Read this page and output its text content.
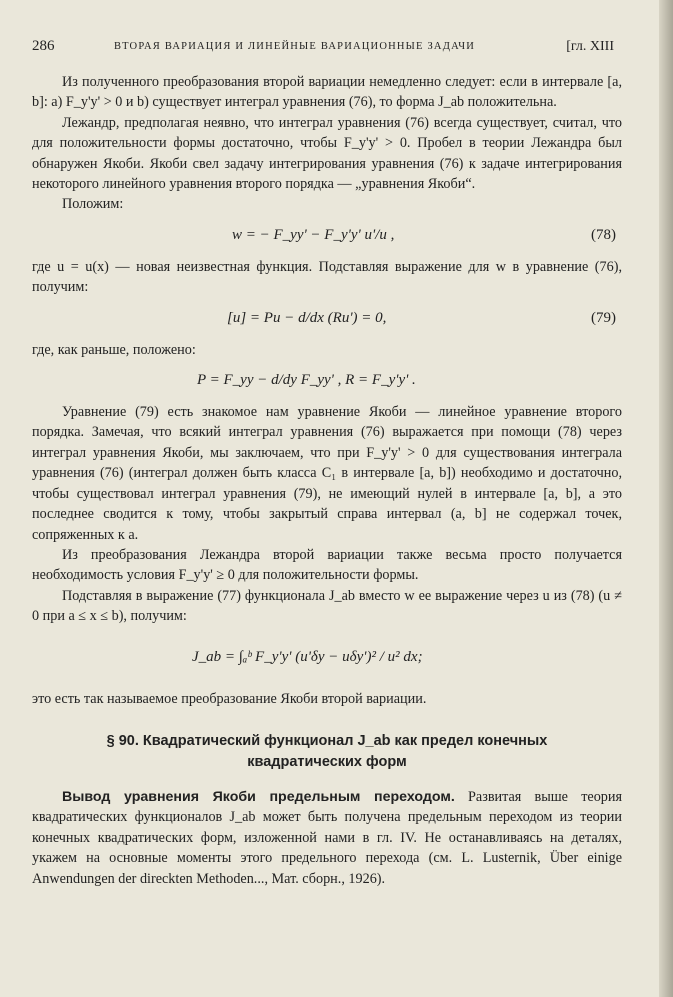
286	ВТОРАЯ ВАРИАЦИЯ И ЛИНЕЙНЫЕ ВАРИАЦИОННЫЕ ЗАДАЧИ	[гл. XIII

Из полученного преобразования второй вариации немедленно следует: если в интервале [a, b]: a) F_y'y' > 0 и b) существует интеграл уравнения (76), то форма J_ab положительна.

Лежандр, предполагая неявно, что интеграл уравнения (76) всегда существует, считал, что для положительности формы достаточно, чтобы F_y'y' > 0. Пробел в теории Лежандра был обнаружен Якоби. Якоби свел задачу интегрирования уравнения (76) к задаче интегрирования некоторого линейного уравнения второго порядка — „уравнения Якоби“.

Положим:

w = − F_yy' − F_y'y' u'/u ,	(78)

где u = u(x) — новая неизвестная функция. Подставляя выражение для w в уравнение (76), получим:

[u] = Pu − d/dx (Ru') = 0,	(79)

где, как раньше, положено:

P = F_yy − d/dy F_yy' , R = F_y'y' .

Уравнение (79) есть знакомое нам уравнение Якоби — линейное уравнение второго порядка. Замечая, что всякий интеграл уравнения (76) выражается при помощи (78) через интеграл уравнения Якоби, мы заключаем, что при F_y'y' > 0 для существования интеграла уравнения (76) (интеграл должен быть класса C₁ в интервале [a, b]) необходимо и достаточно, чтобы существовал интеграл уравнения (79), не имеющий нулей в интервале [a, b], а это последнее сводится к тому, чтобы закрытый справа интервал (a, b] не содержал точек, сопряженных к a.

Из преобразования Лежандра второй вариации также весьма просто получается необходимость условия F_y'y' ≥ 0 для положительности формы.

Подставляя в выражение (77) функционала J_ab вместо w ее выражение через u из (78) (u ≠ 0 при a ≤ x ≤ b), получим:

J_ab = ∫ₐᵇ F_y'y' (u'δy − uδy')² / u² dx;

это есть так называемое преобразование Якоби второй вариации.

§ 90. Квадратический функционал J_ab как предел конечных квадратических форм

Вывод уравнения Якоби предельным переходом. Развитая выше теория квадратических функционалов J_ab может быть получена предельным переходом из теории конечных квадратических форм, изложенной нами в гл. IV. Не останавливаясь на деталях, укажем на основные моменты этого предельного перехода (см. L. Lusternik, Über einige Anwendungen der direckten Methoden..., Мат. сборн., 1926).
